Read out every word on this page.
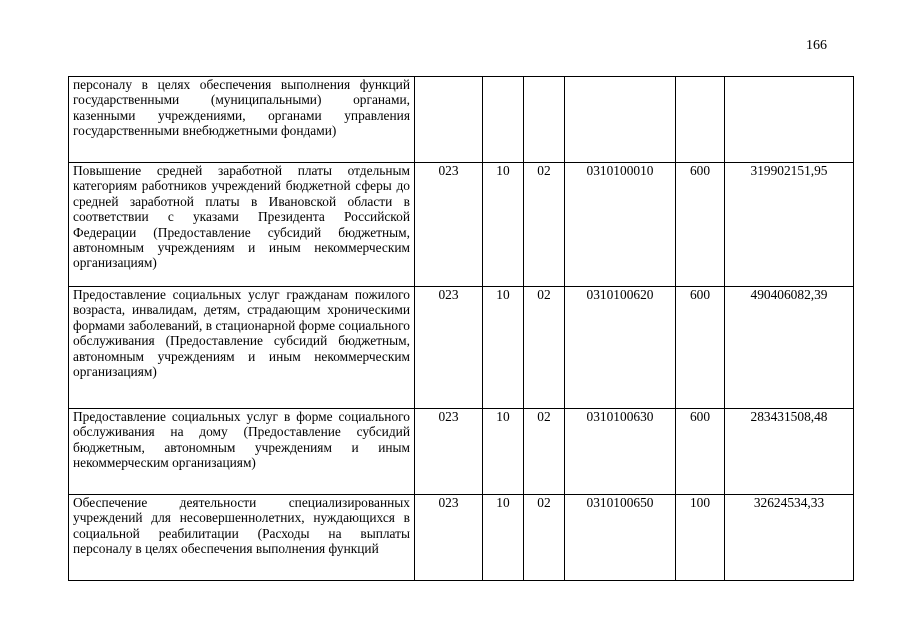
166
персоналу в целях обеспечения выполнения функций государственными (муниципальными) органами, казенными учреждениями, органами управления государственными внебюджетными фондами)						
Повышение средней заработной платы отдельным категориям работников учреждений бюджетной сферы до средней заработной платы в Ивановской области в соответствии с указами Президента Российской Федерации (Предоставление субсидий бюджетным, автономным учреждениям и иным некоммерческим организациям)	023	10	02	0310100010	600	319902151,95
Предоставление социальных услуг гражданам пожилого возраста, инвалидам, детям, страдающим хроническими формами заболеваний, в стационарной форме социального обслуживания (Предоставление субсидий бюджетным, автономным учреждениям и иным некоммерческим организациям)	023	10	02	0310100620	600	490406082,39
Предоставление социальных услуг в форме социального обслуживания на дому (Предоставление субсидий бюджетным, автономным учреждениям и иным некоммерческим организациям)	023	10	02	0310100630	600	283431508,48
Обеспечение деятельности специализированных учреждений для несовершеннолетних, нуждающихся в социальной реабилитации (Расходы на выплаты персоналу в целях обеспечения выполнения функций	023	10	02	0310100650	100	32624534,33
